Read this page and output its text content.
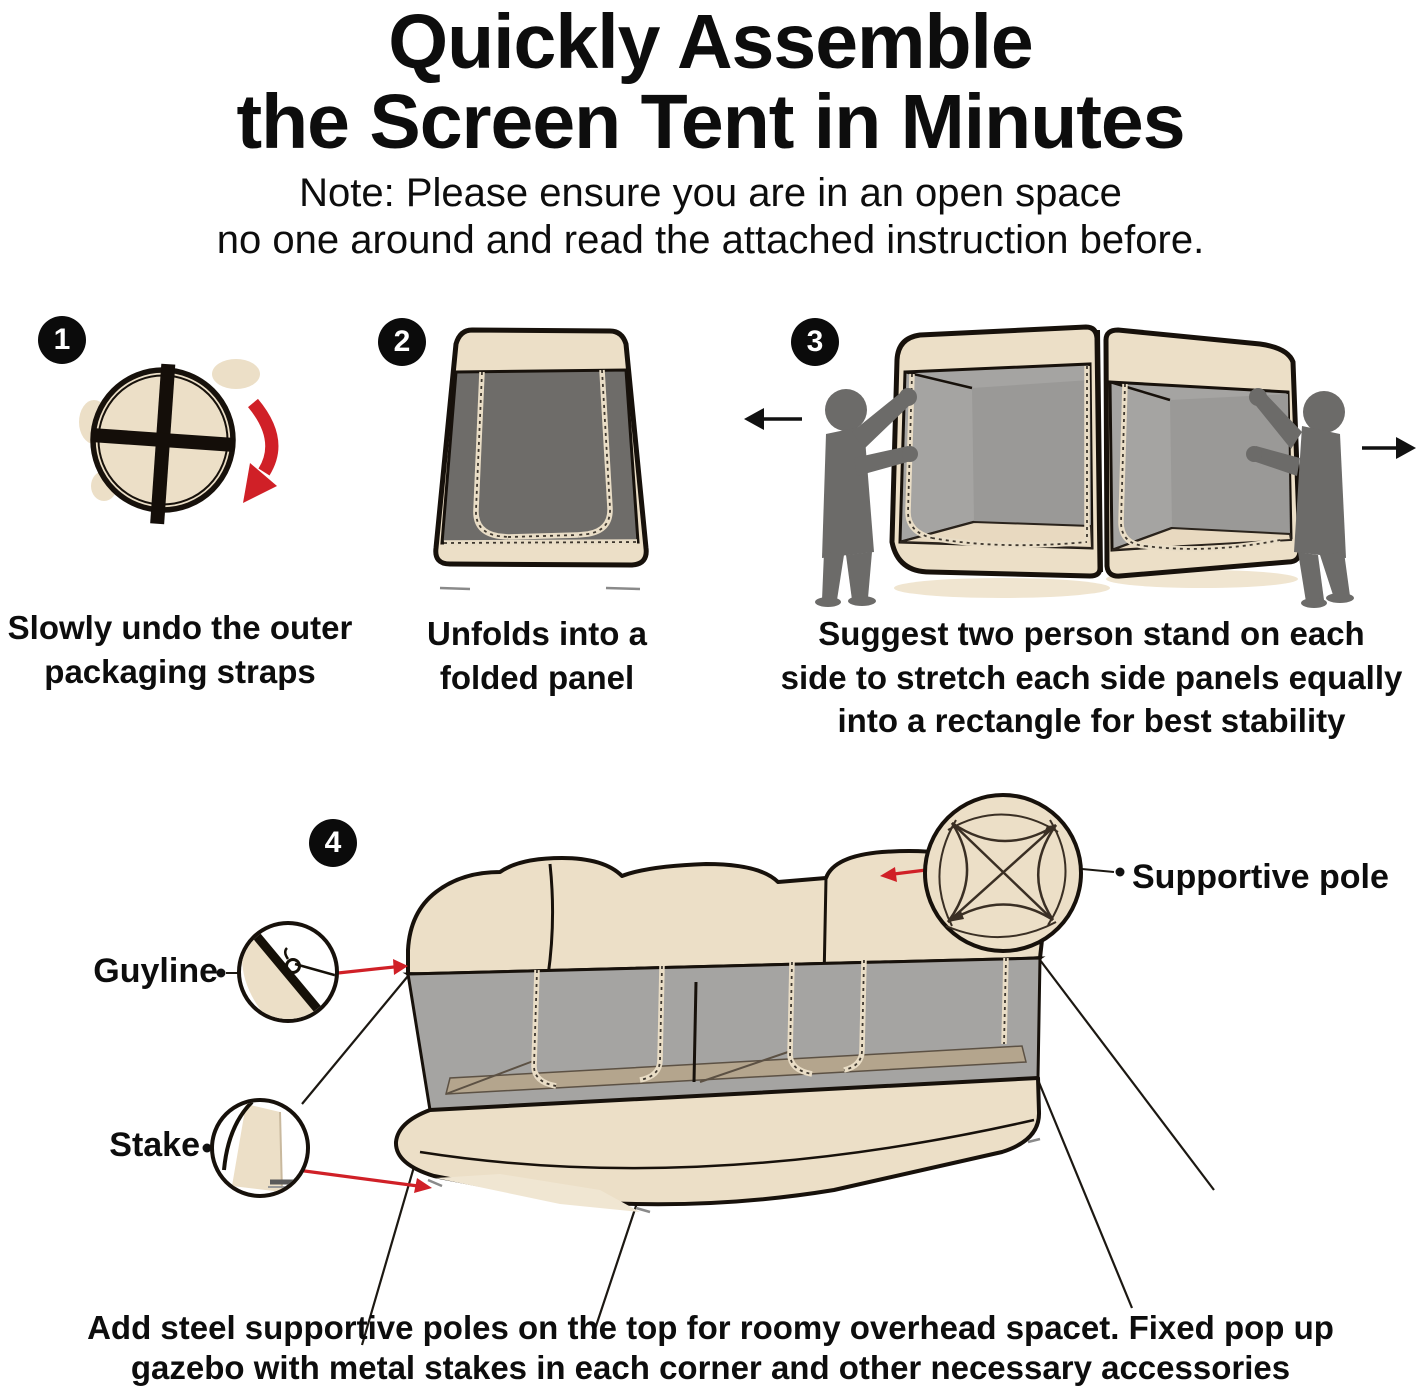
Quickly Assemble
the Screen Tent in Minutes
Note: Please ensure you are in an open space
no one around and read the attached instruction before.
1	2	3
4
Slowly undo the outer
packaging straps
Unfolds into a
folded panel
Suggest two person stand on each
side to stretch each side panels equally
into a rectangle for best stability
Guyline
Stake
Supportive pole
Add steel supportive poles on the top for roomy overhead spacet. Fixed pop up
gazebo with metal stakes in each corner and other necessary accessories
